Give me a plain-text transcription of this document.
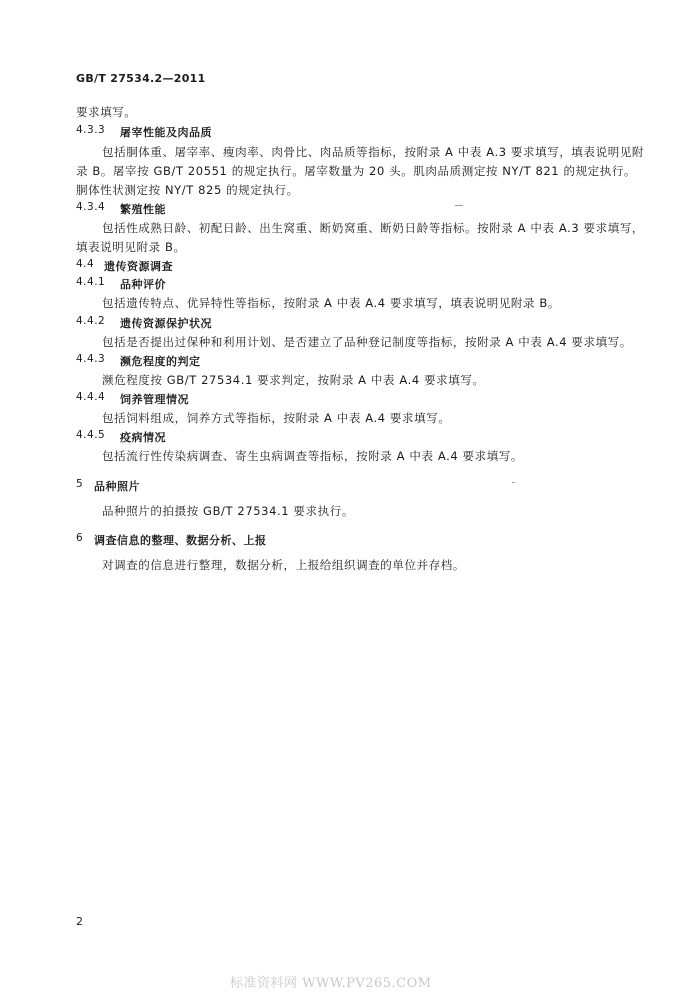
GB/T 27534.2—2011
要求填写。
4.3.3 屠宰性能及肉品质
包括胴体重、屠宰率、瘦肉率、肉骨比、肉品质等指标，按附录 A 中表 A.3 要求填写，填表说明见附
录 B。屠宰按 GB/T 20551 的规定执行。屠宰数量为 20 头。肌肉品质测定按 NY/T 821 的规定执行。
胴体性状测定按 NY/T 825 的规定执行。
4.3.4 繁殖性能
包括性成熟日龄、初配日龄、出生窝重、断奶窝重、断奶日龄等指标。按附录 A 中表 A.3 要求填写，
填表说明见附录 B。
4.4 遗传资源调查
4.4.1 品种评价
包括遗传特点、优异特性等指标，按附录 A 中表 A.4 要求填写，填表说明见附录 B。
4.4.2 遗传资源保护状况
包括是否提出过保种和利用计划、是否建立了品种登记制度等指标，按附录 A 中表 A.4 要求填写。
4.4.3 濒危程度的判定
濒危程度按 GB/T 27534.1 要求判定，按附录 A 中表 A.4 要求填写。
4.4.4 饲养管理情况
包括饲料组成，饲养方式等指标，按附录 A 中表 A.4 要求填写。
4.4.5 疫病情况
包括流行性传染病调查、寄生虫病调查等指标，按附录 A 中表 A.4 要求填写。
5 品种照片
品种照片的拍摄按 GB/T 27534.1 要求执行。
6 调查信息的整理、数据分析、上报
对调查的信息进行整理，数据分析，上报给组织调查的单位并存档。
2
标准资料网 WWW.PV265.COM
